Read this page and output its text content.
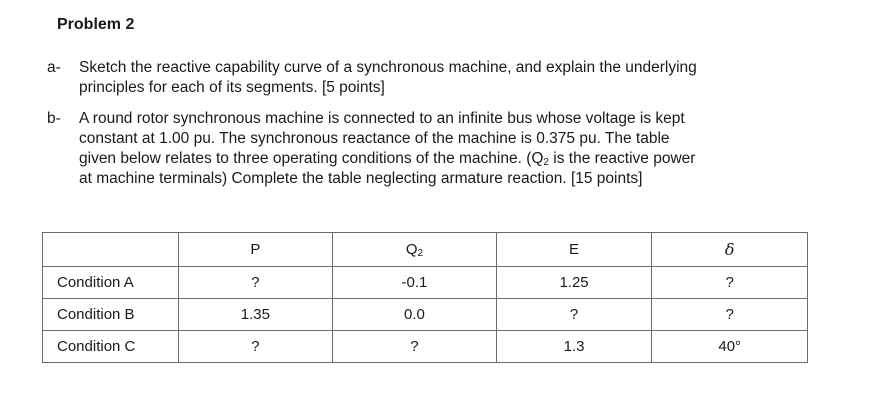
Problem 2
a- Sketch the reactive capability curve of a synchronous machine, and explain the underlying
principles for each of its segments. [5 points]
b- A round rotor synchronous machine is connected to an infinite bus whose voltage is kept
constant at 1.00 pu. The synchronous reactance of the machine is 0.375 pu. The table
given below relates to three operating conditions of the machine. ($Q_2$ is the reactive power
at machine terminals) Complete the table neglecting armature reaction. [15 points]
	P	$Q_2$	E	δ
Condition A	?	-0.1	1.25	?
Condition B	1.35	0.0	?	?
Condition C	?	?	1.3	40°
